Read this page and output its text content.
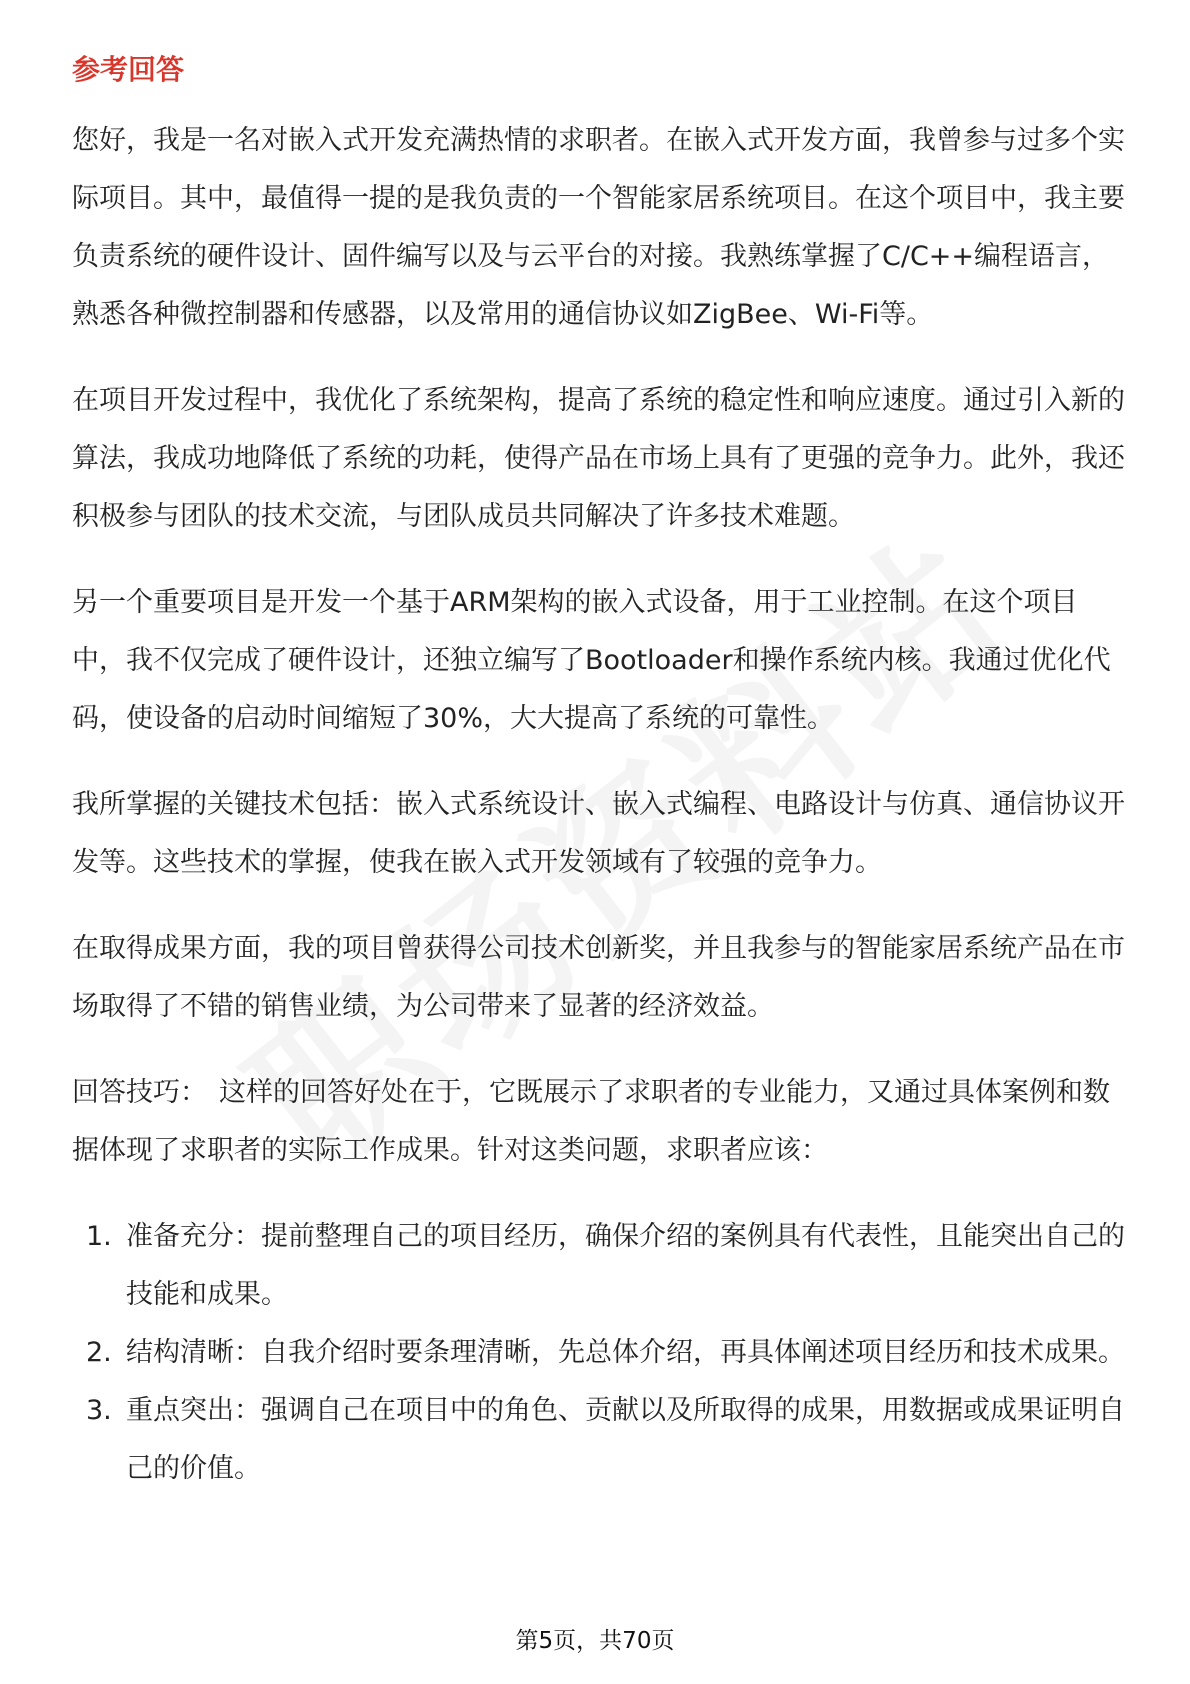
参考回答

您好，我是一名对嵌入式开发充满热情的求职者。在嵌入式开发方面，我曾参与过多个实际项目。其中，最值得一提的是我负责的一个智能家居系统项目。在这个项目中，我主要负责系统的硬件设计、固件编写以及与云平台的对接。我熟练掌握了C/C++编程语言，熟悉各种微控制器和传感器，以及常用的通信协议如ZigBee、Wi-Fi等。

在项目开发过程中，我优化了系统架构，提高了系统的稳定性和响应速度。通过引入新的算法，我成功地降低了系统的功耗，使得产品在市场上具有了更强的竞争力。此外，我还积极参与团队的技术交流，与团队成员共同解决了许多技术难题。

另一个重要项目是开发一个基于ARM架构的嵌入式设备，用于工业控制。在这个项目中，我不仅完成了硬件设计，还独立编写了Bootloader和操作系统内核。我通过优化代码，使设备的启动时间缩短了30%，大大提高了系统的可靠性。

我所掌握的关键技术包括：嵌入式系统设计、嵌入式编程、电路设计与仿真、通信协议开发等。这些技术的掌握，使我在嵌入式开发领域有了较强的竞争力。

在取得成果方面，我的项目曾获得公司技术创新奖，并且我参与的智能家居系统产品在市场取得了不错的销售业绩，为公司带来了显著的经济效益。

回答技巧： 这样的回答好处在于，它既展示了求职者的专业能力，又通过具体案例和数据体现了求职者的实际工作成果。针对这类问题，求职者应该：

1. 准备充分：提前整理自己的项目经历，确保介绍的案例具有代表性，且能突出自己的技能和成果。
2. 结构清晰：自我介绍时要条理清晰，先总体介绍，再具体阐述项目经历和技术成果。
3. 重点突出：强调自己在项目中的角色、贡献以及所取得的成果，用数据或成果证明自己的价值。
第5页，共70页
